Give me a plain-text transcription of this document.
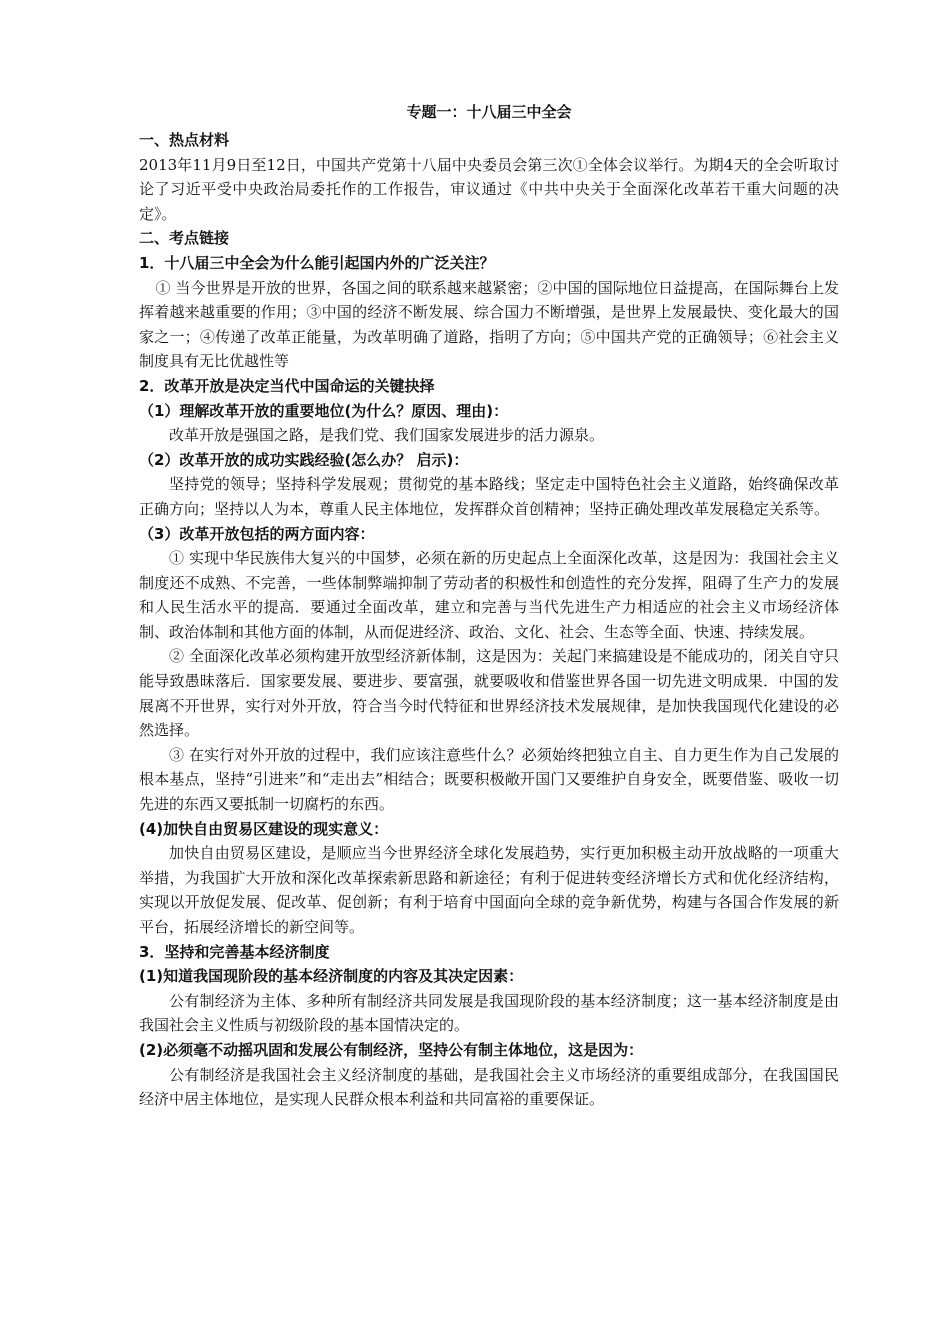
专题一：十八届三中全会
一、热点材料
2013年11月9日至12日，中国共产党第十八届中央委员会第三次①全体会议举行。为期4天的全会听取讨论了习近平受中央政治局委托作的工作报告，审议通过《中共中央关于全面深化改革若干重大问题的决定》。
二、考点链接
1．十八届三中全会为什么能引起国内外的广泛关注？
① 当今世界是开放的世界，各国之间的联系越来越紧密；②中国的国际地位日益提高，在国际舞台上发挥着越来越重要的作用；③中国的经济不断发展、综合国力不断增强，是世界上发展最快、变化最大的国家之一；④传递了改革正能量，为改革明确了道路，指明了方向；⑤中国共产党的正确领导；⑥社会主义制度具有无比优越性等
2．改革开放是决定当代中国命运的关键抉择
（1）理解改革开放的重要地位(为什么？原因、理由)：
改革开放是强国之路，是我们党、我们国家发展进步的活力源泉。
（2）改革开放的成功实践经验(怎么办？ 启示)：
坚持党的领导；坚持科学发展观；贯彻党的基本路线；坚定走中国特色社会主义道路，始终确保改革正确方向；坚持以人为本，尊重人民主体地位，发挥群众首创精神；坚持正确处理改革发展稳定关系等。
（3）改革开放包括的两方面内容：
① 实现中华民族伟大复兴的中国梦，必须在新的历史起点上全面深化改革，这是因为：我国社会主义制度还不成熟、不完善，一些体制弊端抑制了劳动者的积极性和创造性的充分发挥，阻碍了生产力的发展和人民生活水平的提高．要通过全面改革，建立和完善与当代先进生产力相适应的社会主义市场经济体制、政治体制和其他方面的体制，从而促进经济、政治、文化、社会、生态等全面、快速、持续发展。
② 全面深化改革必须构建开放型经济新体制，这是因为：关起门来搞建设是不能成功的，闭关自守只能导致愚昧落后．国家要发展、要进步、要富强，就要吸收和借鉴世界各国一切先进文明成果．中国的发展离不开世界，实行对外开放，符合当今时代特征和世界经济技术发展规律，是加快我国现代化建设的必然选择。
③ 在实行对外开放的过程中，我们应该注意些什么？必须始终把独立自主、自力更生作为自己发展的根本基点，坚持“引进来”和“走出去”相结合；既要积极敞开国门又要维护自身安全，既要借鉴、吸收一切先进的东西又要抵制一切腐朽的东西。
(4)加快自由贸易区建设的现实意义：
加快自由贸易区建设，是顺应当今世界经济全球化发展趋势，实行更加积极主动开放战略的一项重大举措，为我国扩大开放和深化改革探索新思路和新途径；有利于促进转变经济增长方式和优化经济结构，实现以开放促发展、促改革、促创新；有利于培育中国面向全球的竞争新优势，构建与各国合作发展的新平台，拓展经济增长的新空间等。
3．坚持和完善基本经济制度
(1)知道我国现阶段的基本经济制度的内容及其决定因素：
公有制经济为主体、多种所有制经济共同发展是我国现阶段的基本经济制度；这一基本经济制度是由我国社会主义性质与初级阶段的基本国情决定的。
(2)必须毫不动摇巩固和发展公有制经济，坚持公有制主体地位，这是因为：
公有制经济是我国社会主义经济制度的基础，是我国社会主义市场经济的重要组成部分，在我国国民经济中居主体地位，是实现人民群众根本利益和共同富裕的重要保证。
